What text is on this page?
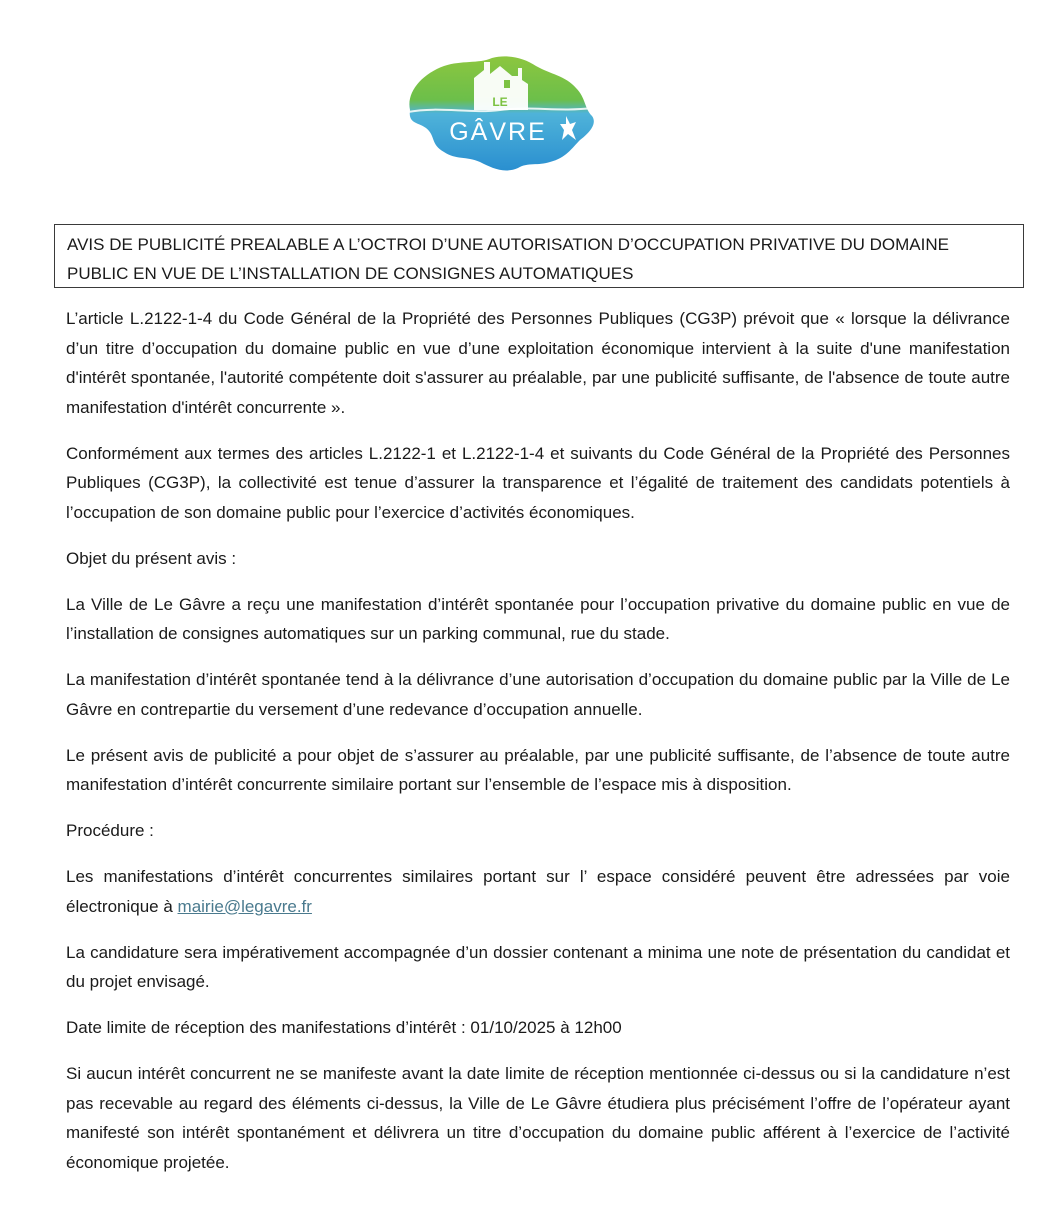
LE
GÂVRE
AVIS DE PUBLICITÉ PREALABLE A L’OCTROI D’UNE AUTORISATION D’OCCUPATION PRIVATIVE DU DOMAINE PUBLIC EN VUE DE L’INSTALLATION DE CONSIGNES AUTOMATIQUES

L’article L.2122-1-4 du Code Général de la Propriété des Personnes Publiques (CG3P) prévoit que « lorsque la délivrance d’un titre d’occupation du domaine public en vue d’une exploitation économique intervient à la suite d'une manifestation d'intérêt spontanée, l'autorité compétente doit s'assurer au préalable, par une publicité suffisante, de l'absence de toute autre manifestation d'intérêt concurrente ».

Conformément aux termes des articles L.2122-1 et L.2122-1-4 et suivants du Code Général de la Propriété des Personnes Publiques (CG3P), la collectivité est tenue d’assurer la transparence et l’égalité de traitement des candidats potentiels à l’occupation de son domaine public pour l’exercice d’activités économiques.

Objet du présent avis :

La Ville de Le Gâvre a reçu une manifestation d’intérêt spontanée pour l’occupation privative du domaine public en vue de l’installation de consignes automatiques sur un parking communal, rue du stade.

La manifestation d’intérêt spontanée tend à la délivrance d’une autorisation d’occupation du domaine public par la Ville de Le Gâvre en contrepartie du versement d’une redevance d’occupation annuelle.

Le présent avis de publicité a pour objet de s’assurer au préalable, par une publicité suffisante, de l’absence de toute autre manifestation d’intérêt concurrente similaire portant sur l’ensemble de l’espace mis à disposition.

Procédure :

Les manifestations d’intérêt concurrentes similaires portant sur l’ espace considéré peuvent être adressées par voie électronique à mairie@legavre.fr

La candidature sera impérativement accompagnée d’un dossier contenant a minima une note de présentation du candidat et du projet envisagé.

Date limite de réception des manifestations d’intérêt : 01/10/2025 à 12h00

Si aucun intérêt concurrent ne se manifeste avant la date limite de réception mentionnée ci-dessus ou si la candidature n’est pas recevable au regard des éléments ci-dessus, la Ville de Le Gâvre étudiera plus précisément l’offre de l’opérateur ayant manifesté son intérêt spontanément et délivrera un titre d’occupation du domaine public afférent à l’exercice de l’activité économique projetée.
